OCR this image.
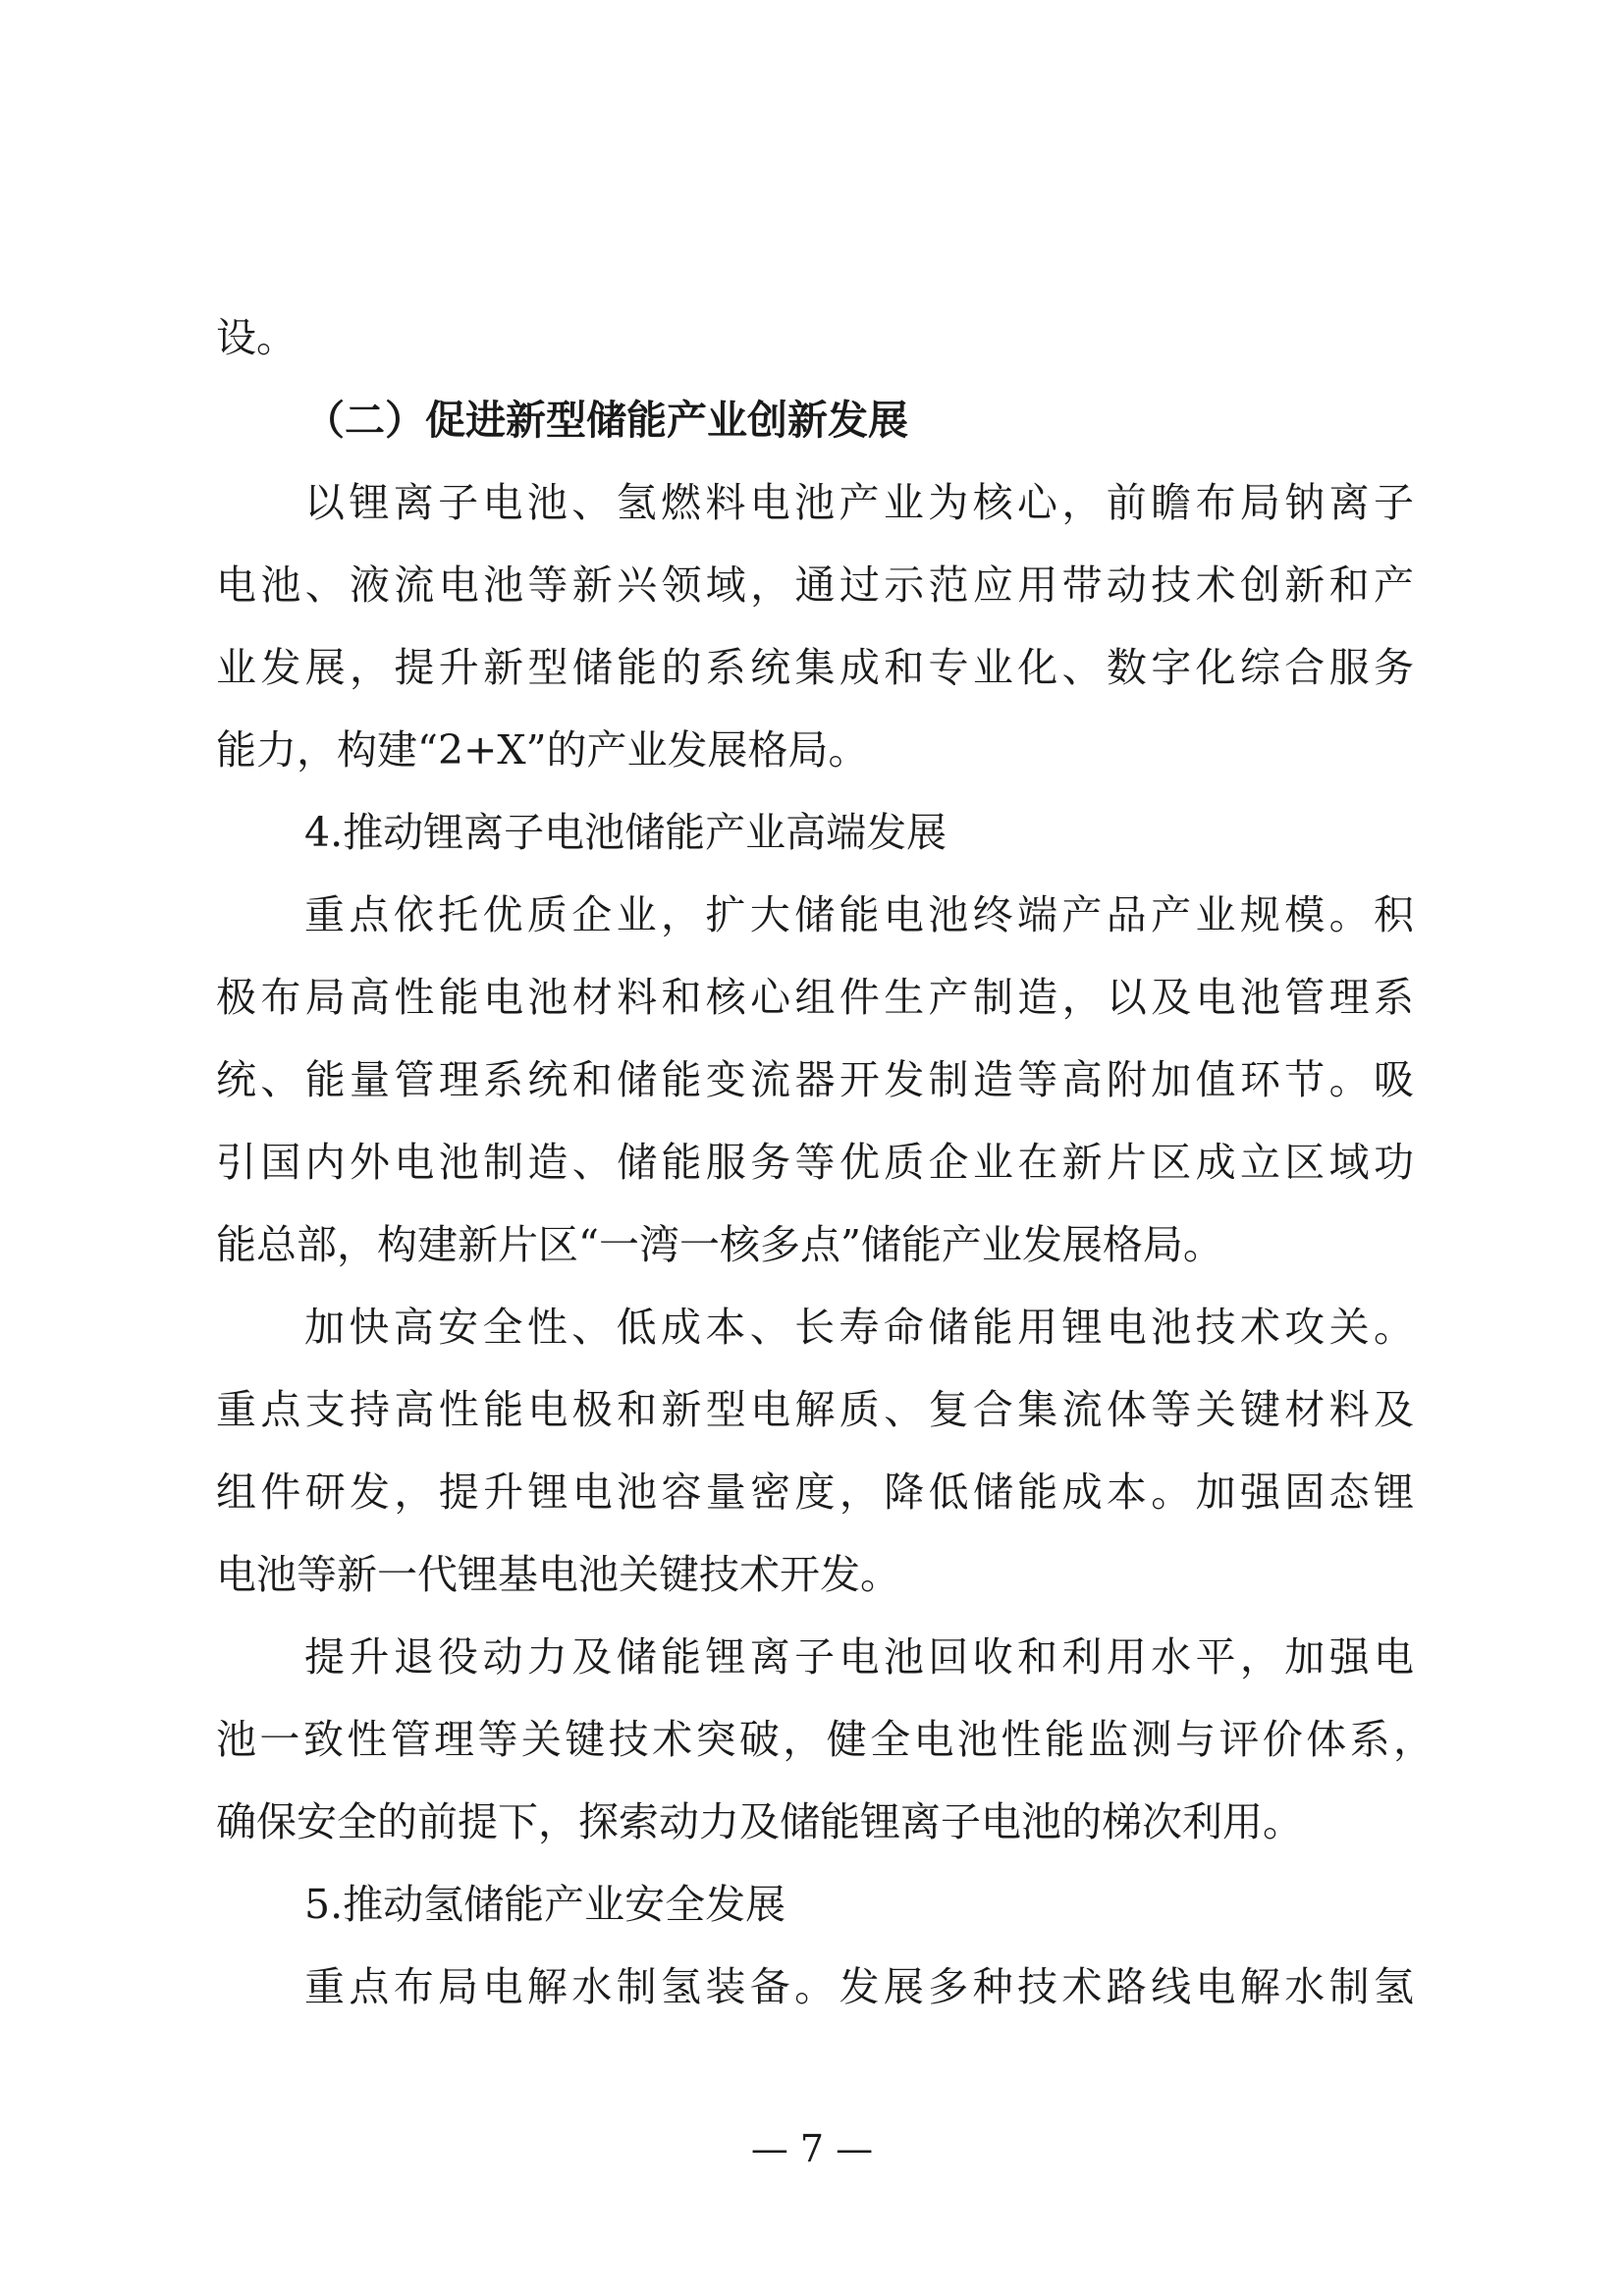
设。
（二）促进新型储能产业创新发展
以锂离子电池、氢燃料电池产业为核心，前瞻布局钠离子
电池、液流电池等新兴领域，通过示范应用带动技术创新和产
业发展，提升新型储能的系统集成和专业化、数字化综合服务
能力，构建“2+X”的产业发展格局。
4.推动锂离子电池储能产业高端发展
重点依托优质企业，扩大储能电池终端产品产业规模。积
极布局高性能电池材料和核心组件生产制造，以及电池管理系
统、能量管理系统和储能变流器开发制造等高附加值环节。吸
引国内外电池制造、储能服务等优质企业在新片区成立区域功
能总部，构建新片区“一湾一核多点”储能产业发展格局。
加快高安全性、低成本、长寿命储能用锂电池技术攻关。
重点支持高性能电极和新型电解质、复合集流体等关键材料及
组件研发，提升锂电池容量密度，降低储能成本。加强固态锂
电池等新一代锂基电池关键技术开发。
提升退役动力及储能锂离子电池回收和利用水平，加强电
池一致性管理等关键技术突破，健全电池性能监测与评价体系，
确保安全的前提下，探索动力及储能锂离子电池的梯次利用。
5.推动氢储能产业安全发展
重点布局电解水制氢装备。发展多种技术路线电解水制氢
— 7 —
